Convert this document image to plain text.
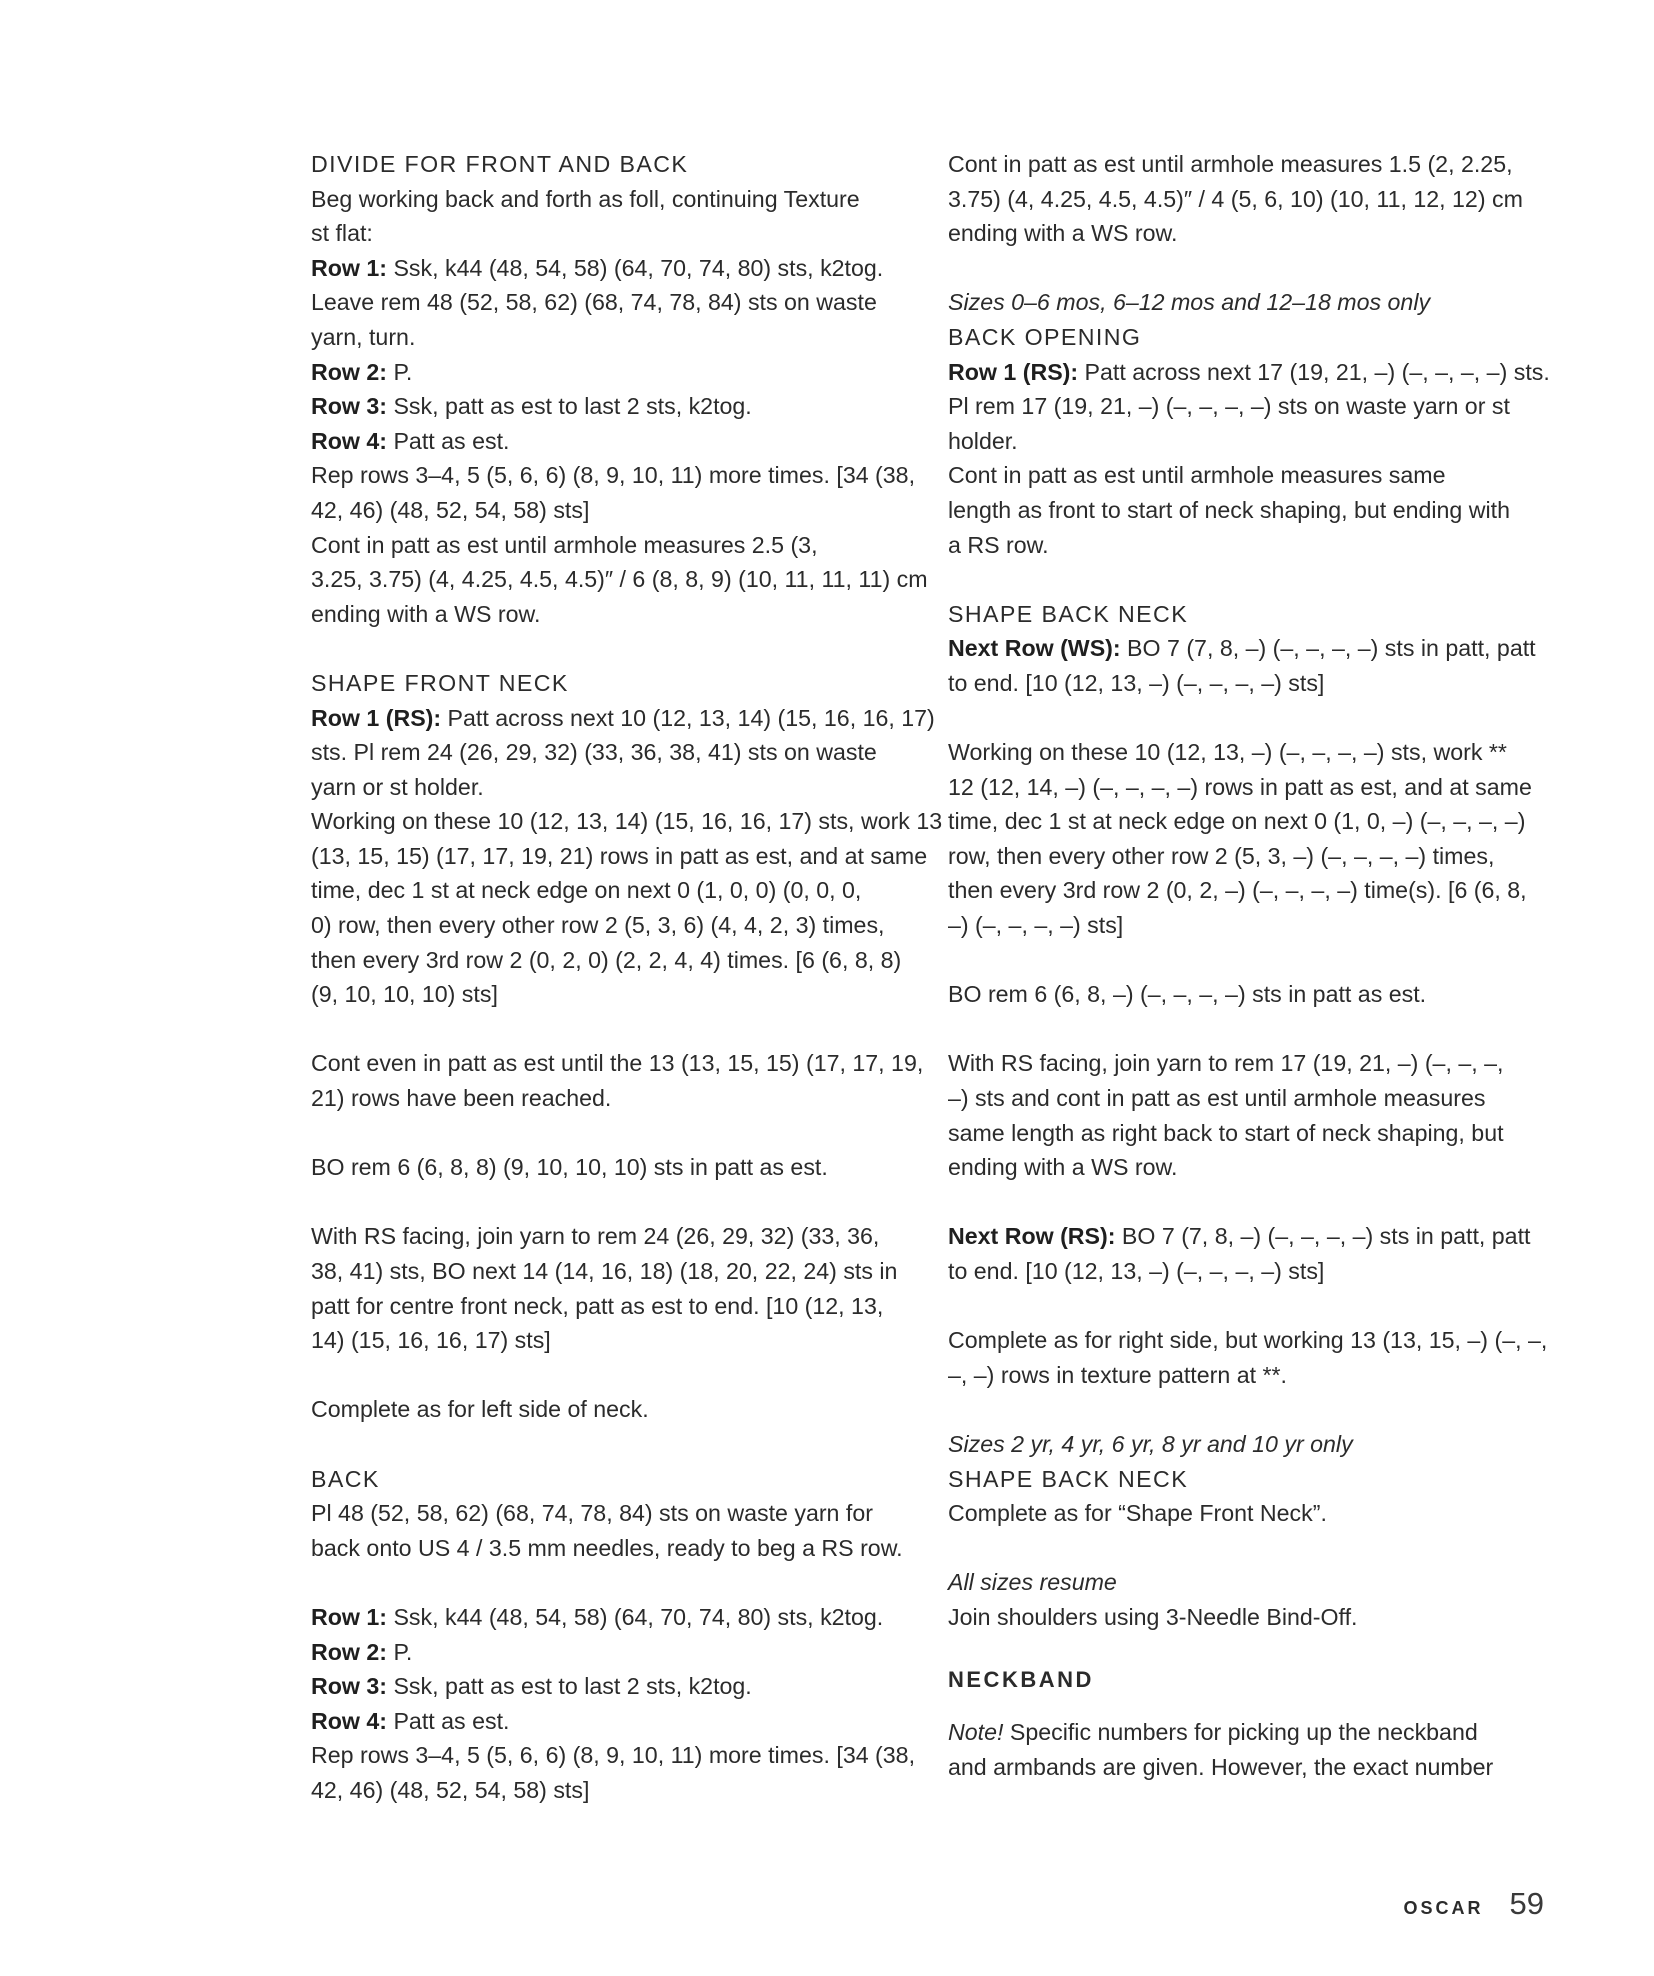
DIVIDE FOR FRONT AND BACK
Beg working back and forth as foll, continuing Texture
st flat:
Row 1: Ssk, k44 (48, 54, 58) (64, 70, 74, 80) sts, k2tog.
Leave rem 48 (52, 58, 62) (68, 74, 78, 84) sts on waste
yarn, turn.
Row 2: P.
Row 3: Ssk, patt as est to last 2 sts, k2tog.
Row 4: Patt as est.
Rep rows 3–4, 5 (5, 6, 6) (8, 9, 10, 11) more times. [34 (38,
42, 46) (48, 52, 54, 58) sts]
Cont in patt as est until armhole measures 2.5 (3,
3.25, 3.75) (4, 4.25, 4.5, 4.5)″ / 6 (8, 8, 9) (10, 11, 11, 11) cm
ending with a WS row.
SHAPE FRONT NECK
Row 1 (RS): Patt across next 10 (12, 13, 14) (15, 16, 16, 17)
sts. Pl rem 24 (26, 29, 32) (33, 36, 38, 41) sts on waste
yarn or st holder.
Working on these 10 (12, 13, 14) (15, 16, 16, 17) sts, work 13
(13, 15, 15) (17, 17, 19, 21) rows in patt as est, and at same
time, dec 1 st at neck edge on next 0 (1, 0, 0) (0, 0, 0,
0) row, then every other row 2 (5, 3, 6) (4, 4, 2, 3) times,
then every 3rd row 2 (0, 2, 0) (2, 2, 4, 4) times. [6 (6, 8, 8)
(9, 10, 10, 10) sts]
Cont even in patt as est until the 13 (13, 15, 15) (17, 17, 19,
21) rows have been reached.
BO rem 6 (6, 8, 8) (9, 10, 10, 10) sts in patt as est.
With RS facing, join yarn to rem 24 (26, 29, 32) (33, 36,
38, 41) sts, BO next 14 (14, 16, 18) (18, 20, 22, 24) sts in
patt for centre front neck, patt as est to end. [10 (12, 13,
14) (15, 16, 16, 17) sts]
Complete as for left side of neck.
BACK
Pl 48 (52, 58, 62) (68, 74, 78, 84) sts on waste yarn for
back onto US 4 / 3.5 mm needles, ready to beg a RS row.
Row 1: Ssk, k44 (48, 54, 58) (64, 70, 74, 80) sts, k2tog.
Row 2: P.
Row 3: Ssk, patt as est to last 2 sts, k2tog.
Row 4: Patt as est.
Rep rows 3–4, 5 (5, 6, 6) (8, 9, 10, 11) more times. [34 (38,
42, 46) (48, 52, 54, 58) sts]
Cont in patt as est until armhole measures 1.5 (2, 2.25,
3.75) (4, 4.25, 4.5, 4.5)″ / 4 (5, 6, 10) (10, 11, 12, 12) cm
ending with a WS row.
Sizes 0–6 mos, 6–12 mos and 12–18 mos only
BACK OPENING
Row 1 (RS): Patt across next 17 (19, 21, –) (–, –, –, –) sts.
Pl rem 17 (19, 21, –) (–, –, –, –) sts on waste yarn or st
holder.
Cont in patt as est until armhole measures same
length as front to start of neck shaping, but ending with
a RS row.
SHAPE BACK NECK
Next Row (WS): BO 7 (7, 8, –) (–, –, –, –) sts in patt, patt
to end. [10 (12, 13, –) (–, –, –, –) sts]
Working on these 10 (12, 13, –) (–, –, –, –) sts, work **
12 (12, 14, –) (–, –, –, –) rows in patt as est, and at same
time, dec 1 st at neck edge on next 0 (1, 0, –) (–, –, –, –)
row, then every other row 2 (5, 3, –) (–, –, –, –) times,
then every 3rd row 2 (0, 2, –) (–, –, –, –) time(s). [6 (6, 8,
–) (–, –, –, –) sts]
BO rem 6 (6, 8, –) (–, –, –, –) sts in patt as est.
With RS facing, join yarn to rem 17 (19, 21, –) (–, –, –,
–) sts and cont in patt as est until armhole measures
same length as right back to start of neck shaping, but
ending with a WS row.
Next Row (RS): BO 7 (7, 8, –) (–, –, –, –) sts in patt, patt
to end. [10 (12, 13, –) (–, –, –, –) sts]
Complete as for right side, but working 13 (13, 15, –) (–, –,
–, –) rows in texture pattern at **.
Sizes 2 yr, 4 yr, 6 yr, 8 yr and 10 yr only
SHAPE BACK NECK
Complete as for “Shape Front Neck”.
All sizes resume
Join shoulders using 3-Needle Bind-Off.
NECKBAND
Note! Specific numbers for picking up the neckband
and armbands are given. However, the exact number
OSCAR 59
